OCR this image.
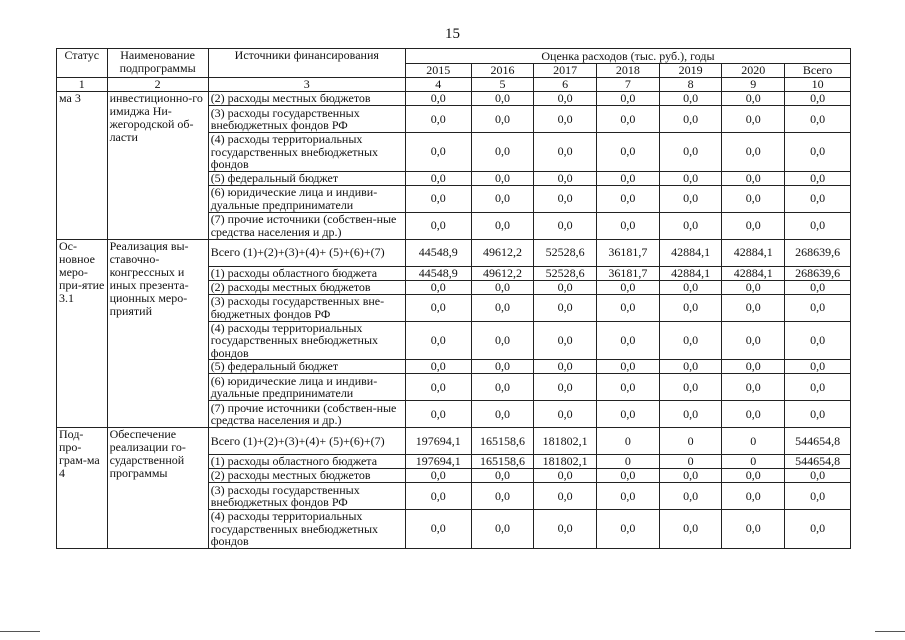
15
Статус	Наименование подпрограммы	Источники финансирования	Оценка расходов (тыс. руб.), годы						
			2015	2016	2017	2018	2019	2020	Всего
1	2	3	4	5	6	7	8	9	10
ма 3	инвестиционно-го имиджа Ни-жегородской об-ласти	(2) расходы местных бюджетов	0,0	0,0	0,0	0,0	0,0	0,0	0,0
		(3) расходы государственных внебюджетных фондов РФ	0,0	0,0	0,0	0,0	0,0	0,0	0,0
		(4) расходы территориальных государственных внебюджетных фондов	0,0	0,0	0,0	0,0	0,0	0,0	0,0
		(5) федеральный бюджет	0,0	0,0	0,0	0,0	0,0	0,0	0,0
		(6) юридические лица и индиви-дуальные предприниматели	0,0	0,0	0,0	0,0	0,0	0,0	0,0
		(7) прочие источники (собствен-ные средства населения и др.)	0,0	0,0	0,0	0,0	0,0	0,0	0,0
Ос-новное меро-при-ятие 3.1	Реализация вы-ставочно-конгрессных и иных презента-ционных меро-приятий	Всего (1)+(2)+(3)+(4)+ (5)+(6)+(7)	44548,9	49612,2	52528,6	36181,7	42884,1	42884,1	268639,6
		(1) расходы областного бюджета	44548,9	49612,2	52528,6	36181,7	42884,1	42884,1	268639,6
		(2) расходы местных бюджетов	0,0	0,0	0,0	0,0	0,0	0,0	0,0
		(3) расходы государственных вне-бюджетных фондов РФ	0,0	0,0	0,0	0,0	0,0	0,0	0,0
		(4) расходы территориальных государственных внебюджетных фондов	0,0	0,0	0,0	0,0	0,0	0,0	0,0
		(5) федеральный бюджет	0,0	0,0	0,0	0,0	0,0	0,0	0,0
		(6) юридические лица и индиви-дуальные предприниматели	0,0	0,0	0,0	0,0	0,0	0,0	0,0
		(7) прочие источники (собствен-ные средства населения и др.)	0,0	0,0	0,0	0,0	0,0	0,0	0,0
Под-про-грам-ма 4	Обеспечение реализации го-сударственной программы	Всего (1)+(2)+(3)+(4)+ (5)+(6)+(7)	197694,1	165158,6	181802,1	0	0	0	544654,8
		(1) расходы областного бюджета	197694,1	165158,6	181802,1	0	0	0	544654,8
		(2) расходы местных бюджетов	0,0	0,0	0,0	0,0	0,0	0,0	0,0
		(3) расходы государственных внебюджетных фондов РФ	0,0	0,0	0,0	0,0	0,0	0,0	0,0
		(4) расходы территориальных государственных внебюджетных фондов	0,0	0,0	0,0	0,0	0,0	0,0	0,0
